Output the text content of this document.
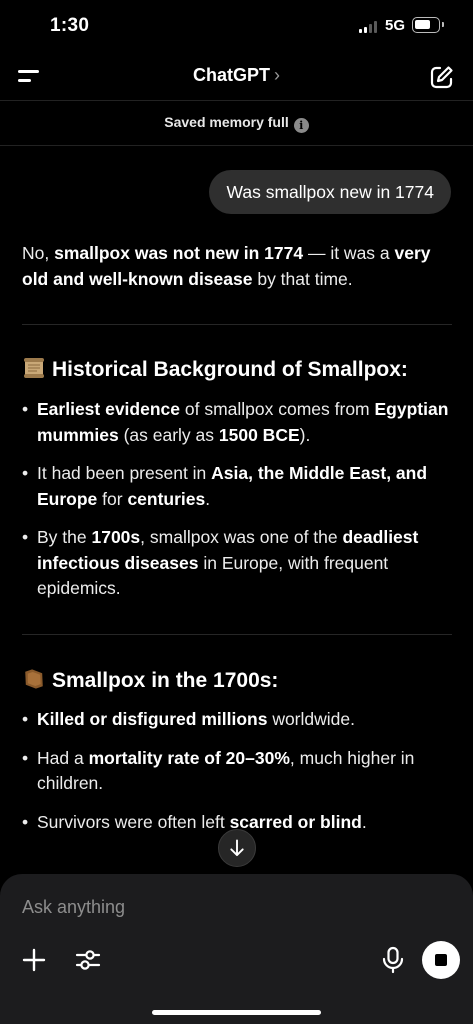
1:30	5G
ChatGPT ›
Saved memory full i
Was smallpox new in 1774

No, smallpox was not new in 1774 — it was a very old and well-known disease by that time.

Historical Background of Smallpox:
• Earliest evidence of smallpox comes from Egyptian mummies (as early as 1500 BCE).
• It had been present in Asia, the Middle East, and Europe for centuries.
• By the 1700s, smallpox was one of the deadliest infectious diseases in Europe, with frequent epidemics.
Smallpox in the 1700s:
• Killed or disfigured millions worldwide.
• Had a mortality rate of 20–30%, much higher in children.
• Survivors were often left scarred or blind.
Ask anything
